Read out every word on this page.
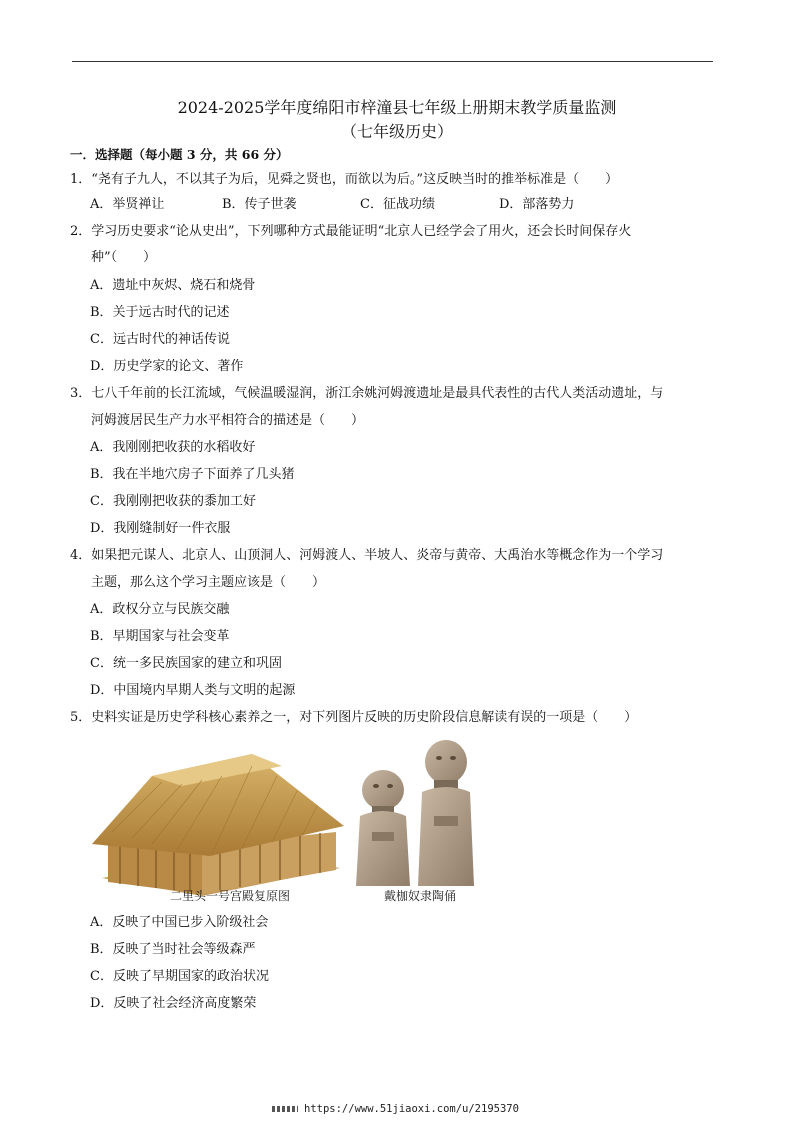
2024-2025学年度绵阳市梓潼县七年级上册期末教学质量监测
（七年级历史）
一．选择题（每小题 3 分，共 66 分）
1．“尧有子九人，不以其子为后，见舜之贤也，而欲以为后。”这反映当时的推举标准是（　　）
A．举贤禅让	B．传子世袭	C．征战功绩	D．部落势力
2．学习历史要求“论从史出”，下列哪种方式最能证明“北京人已经学会了用火，还会长时间保存火
种”（　　）
A．遗址中灰烬、烧石和烧骨
B．关于远古时代的记述
C．远古时代的神话传说
D．历史学家的论文、著作
3．七八千年前的长江流域，气候温暖湿润，浙江余姚河姆渡遗址是最具代表性的古代人类活动遗址，与
河姆渡居民生产力水平相符合的描述是（　　）
A．我刚刚把收获的水稻收好
B．我在半地穴房子下面养了几头猪
C．我刚刚把收获的黍加工好
D．我刚缝制好一件衣服
4．如果把元谋人、北京人、山顶洞人、河姆渡人、半坡人、炎帝与黄帝、大禹治水等概念作为一个学习
主题，那么这个学习主题应该是（　　）
A．政权分立与民族交融
B．早期国家与社会变革
C．统一多民族国家的建立和巩固
D．中国境内早期人类与文明的起源
5．史料实证是历史学科核心素养之一，对下列图片反映的历史阶段信息解读有误的一项是（　　）
二里头一号宫殿复原图	戴枷奴隶陶俑
A．反映了中国已步入阶级社会
B．反映了当时社会等级森严
C．反映了早期国家的政治状况
D．反映了社会经济高度繁荣
https://www.51jiaoxi.com/u/2195370
